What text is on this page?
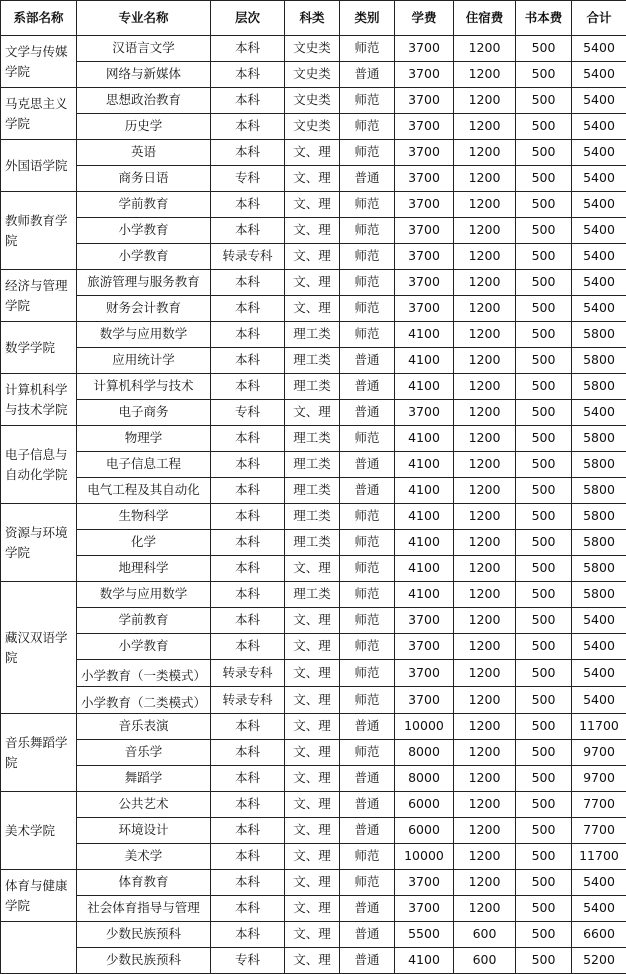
系部名称	专业名称	层次	科类	类别	学费	住宿费	书本费	合计
文学与传媒学院	汉语言文学	本科	文史类	师范	3700	1200	500	5400
	网络与新媒体	本科	文史类	普通	3700	1200	500	5400
马克思主义学院	思想政治教育	本科	文史类	师范	3700	1200	500	5400
	历史学	本科	文史类	师范	3700	1200	500	5400
外国语学院	英语	本科	文、理	师范	3700	1200	500	5400
	商务日语	专科	文、理	普通	3700	1200	500	5400
教师教育学院	学前教育	本科	文、理	师范	3700	1200	500	5400
	小学教育	本科	文、理	师范	3700	1200	500	5400
	小学教育	转录专科	文、理	师范	3700	1200	500	5400
经济与管理学院	旅游管理与服务教育	本科	文、理	师范	3700	1200	500	5400
	财务会计教育	本科	文、理	师范	3700	1200	500	5400
数学学院	数学与应用数学	本科	理工类	师范	4100	1200	500	5800
	应用统计学	本科	理工类	普通	4100	1200	500	5800
计算机科学与技术学院	计算机科学与技术	本科	理工类	普通	4100	1200	500	5800
	电子商务	专科	文、理	普通	3700	1200	500	5400
电子信息与自动化学院	物理学	本科	理工类	师范	4100	1200	500	5800
	电子信息工程	本科	理工类	普通	4100	1200	500	5800
	电气工程及其自动化	本科	理工类	普通	4100	1200	500	5800
资源与环境学院	生物科学	本科	理工类	师范	4100	1200	500	5800
	化学	本科	理工类	师范	4100	1200	500	5800
	地理科学	本科	文、理	师范	4100	1200	500	5800
藏汉双语学院	数学与应用数学	本科	理工类	师范	4100	1200	500	5800
	学前教育	本科	文、理	师范	3700	1200	500	5400
	小学教育	本科	文、理	师范	3700	1200	500	5400

	小学教育（一类模式）	转录专科	文、理	师范	3700	1200	500	5400

	小学教育（二类模式）	转录专科	文、理	师范	3700	1200	500	5400
音乐舞蹈学院	音乐表演	本科	文、理	普通	10000	1200	500	11700
	音乐学	本科	文、理	师范	8000	1200	500	9700
	舞蹈学	本科	文、理	普通	8000	1200	500	9700
美术学院	公共艺术	本科	文、理	普通	6000	1200	500	7700
	环境设计	本科	文、理	普通	6000	1200	500	7700
	美术学	本科	文、理	师范	10000	1200	500	11700
体育与健康学院	体育教育	本科	文、理	师范	3700	1200	500	5400
	社会体育指导与管理	本科	文、理	普通	3700	1200	500	5400
	少数民族预科	本科	文、理	普通	5500	600	500	6600
	少数民族预科	专科	文、理	普通	4100	600	500	5200
